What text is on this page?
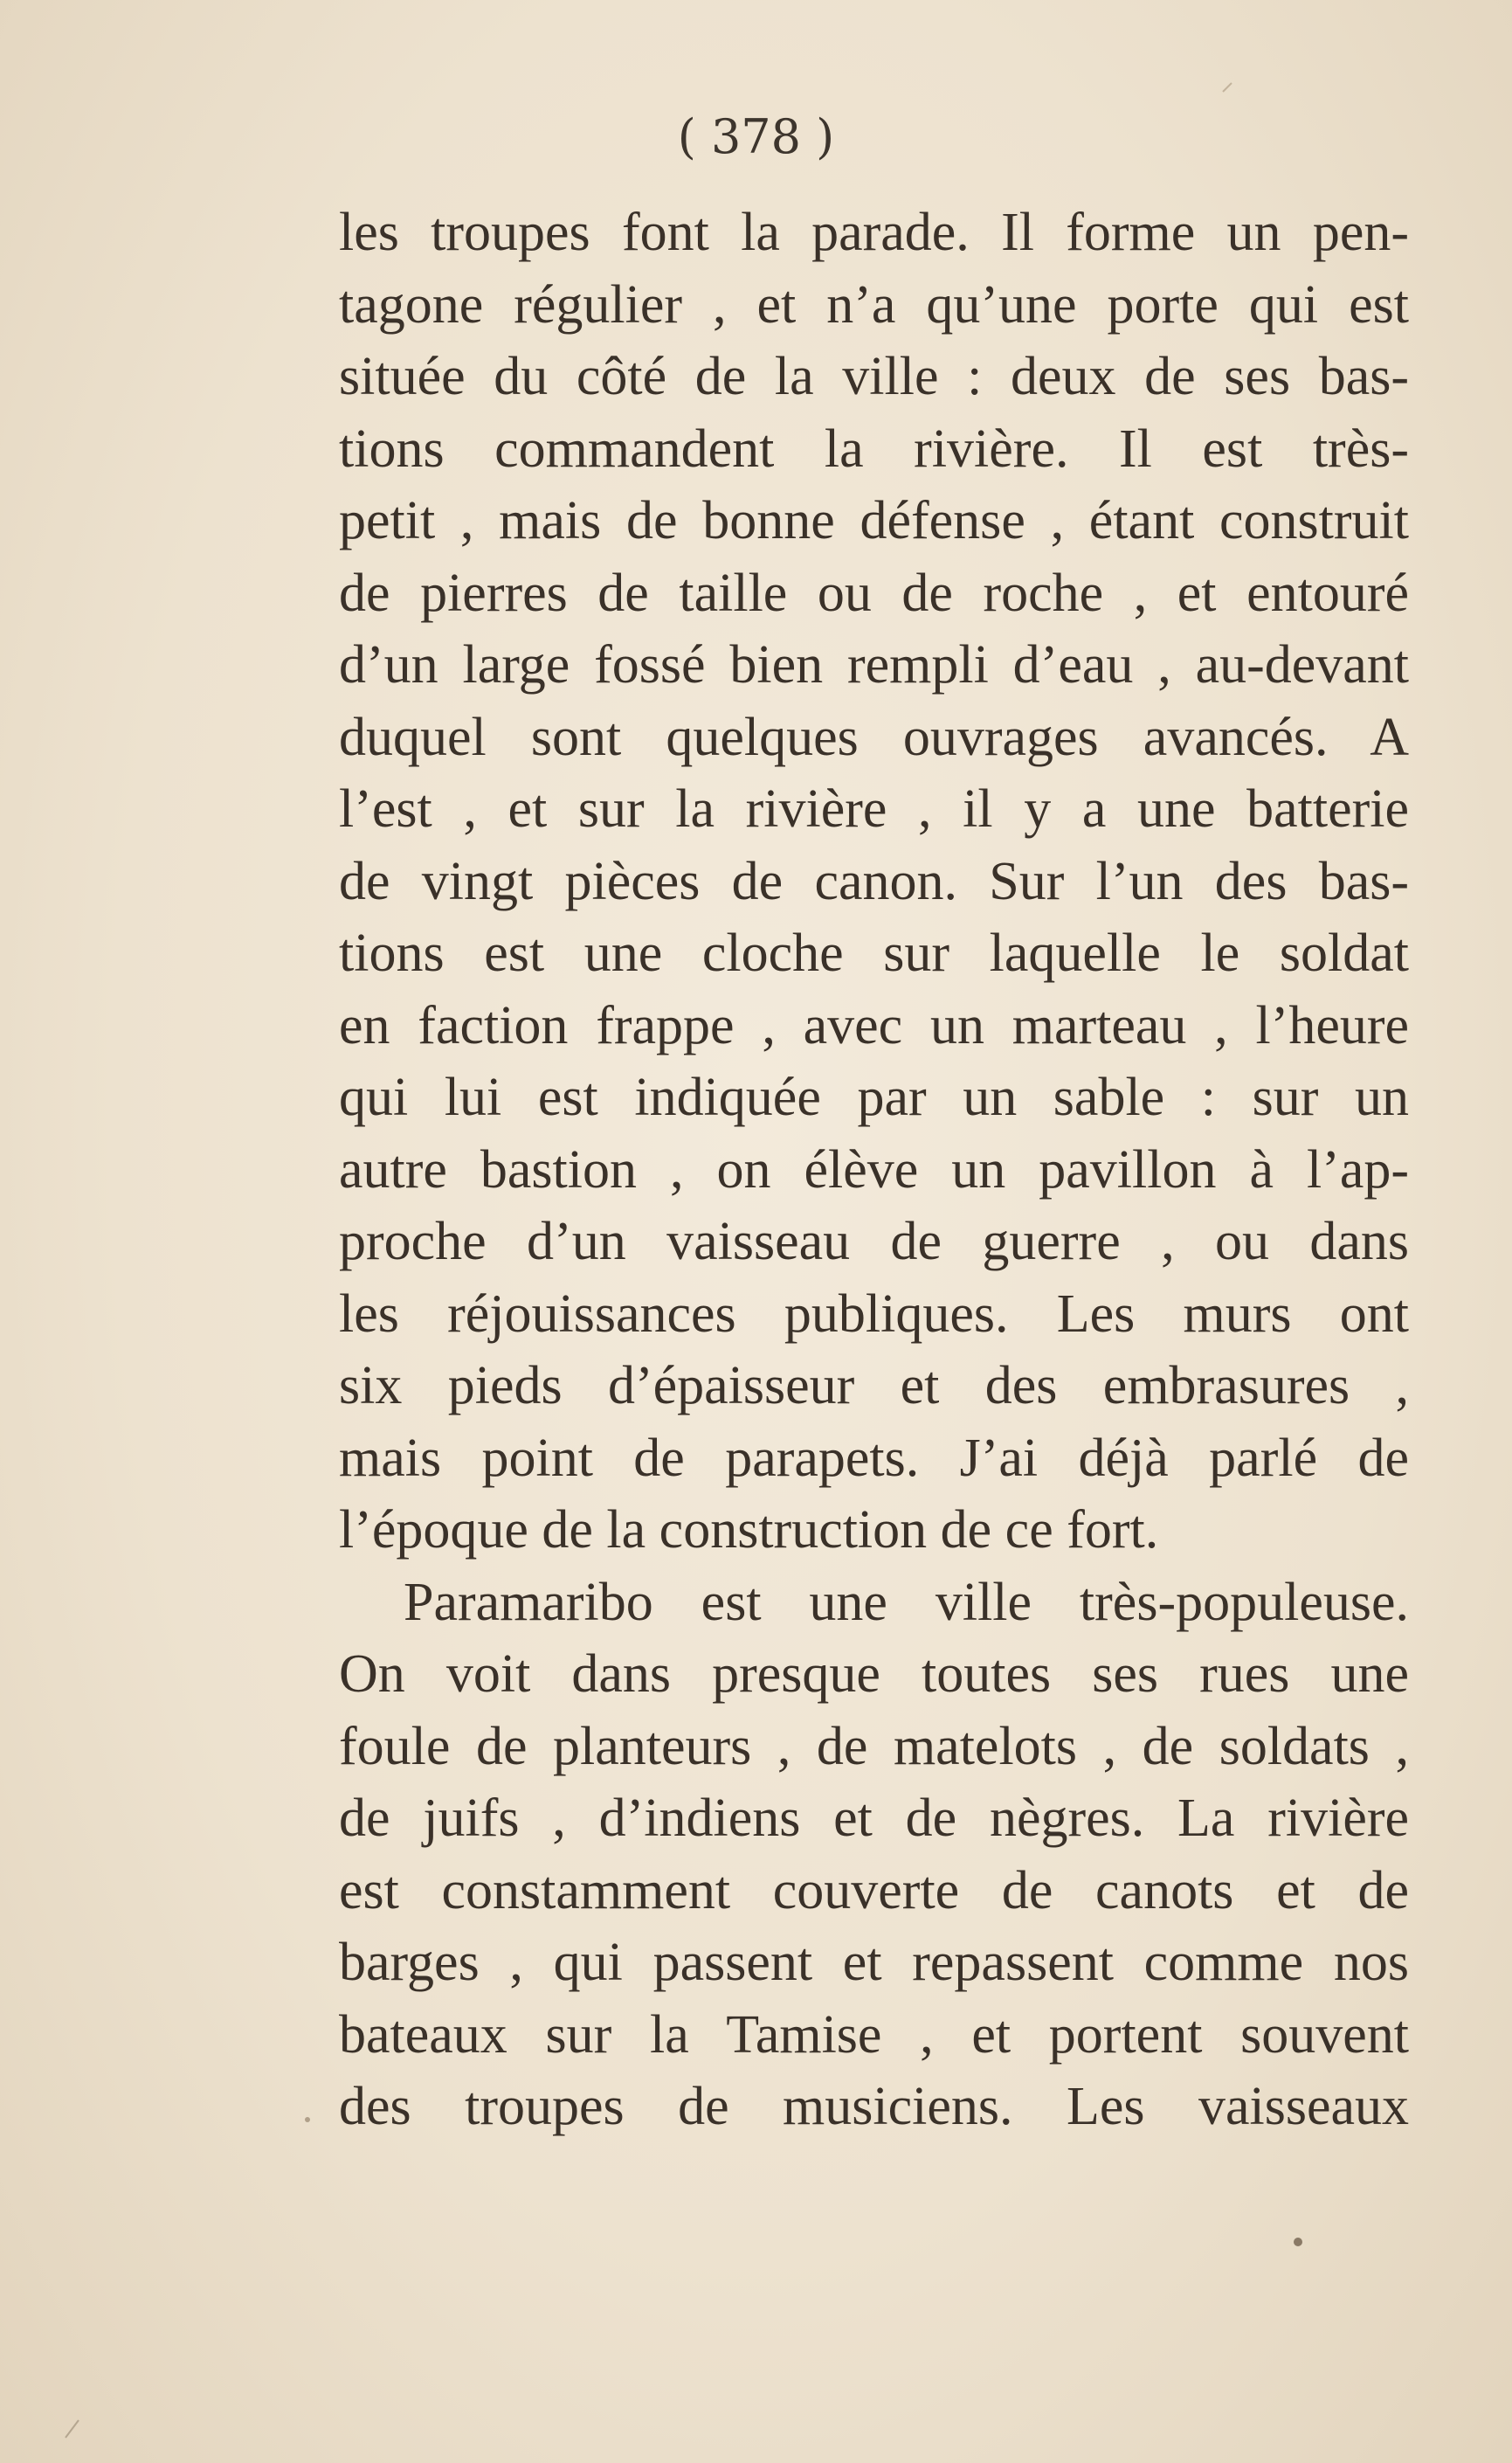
( 378 )
les troupes font la parade. Il forme un pen-
tagone régulier , et n’a qu’une porte qui est
située du côté de la ville : deux de ses bas-
tions commandent la rivière. Il est très-
petit , mais de bonne défense , étant construit
de pierres de taille ou de roche , et entouré
d’un large fossé bien rempli d’eau , au-devant
duquel sont quelques ouvrages avancés. A
l’est , et sur la rivière , il y a une batterie
de vingt pièces de canon. Sur l’un des bas-
tions est une cloche sur laquelle le soldat
en faction frappe , avec un marteau , l’heure
qui lui est indiquée par un sable : sur un
autre bastion , on élève un pavillon à l’ap-
proche d’un vaisseau de guerre , ou dans
les réjouissances publiques. Les murs ont
six pieds d’épaisseur et des embrasures ,
mais point de parapets. J’ai déjà parlé de
l’époque de la construction de ce fort.
Paramaribo est une ville très-populeuse.
On voit dans presque toutes ses rues une
foule de planteurs , de matelots , de soldats ,
de juifs , d’indiens et de nègres. La rivière
est constamment couverte de canots et de
barges , qui passent et repassent comme nos
bateaux sur la Tamise , et portent souvent
des troupes de musiciens. Les vaisseaux
